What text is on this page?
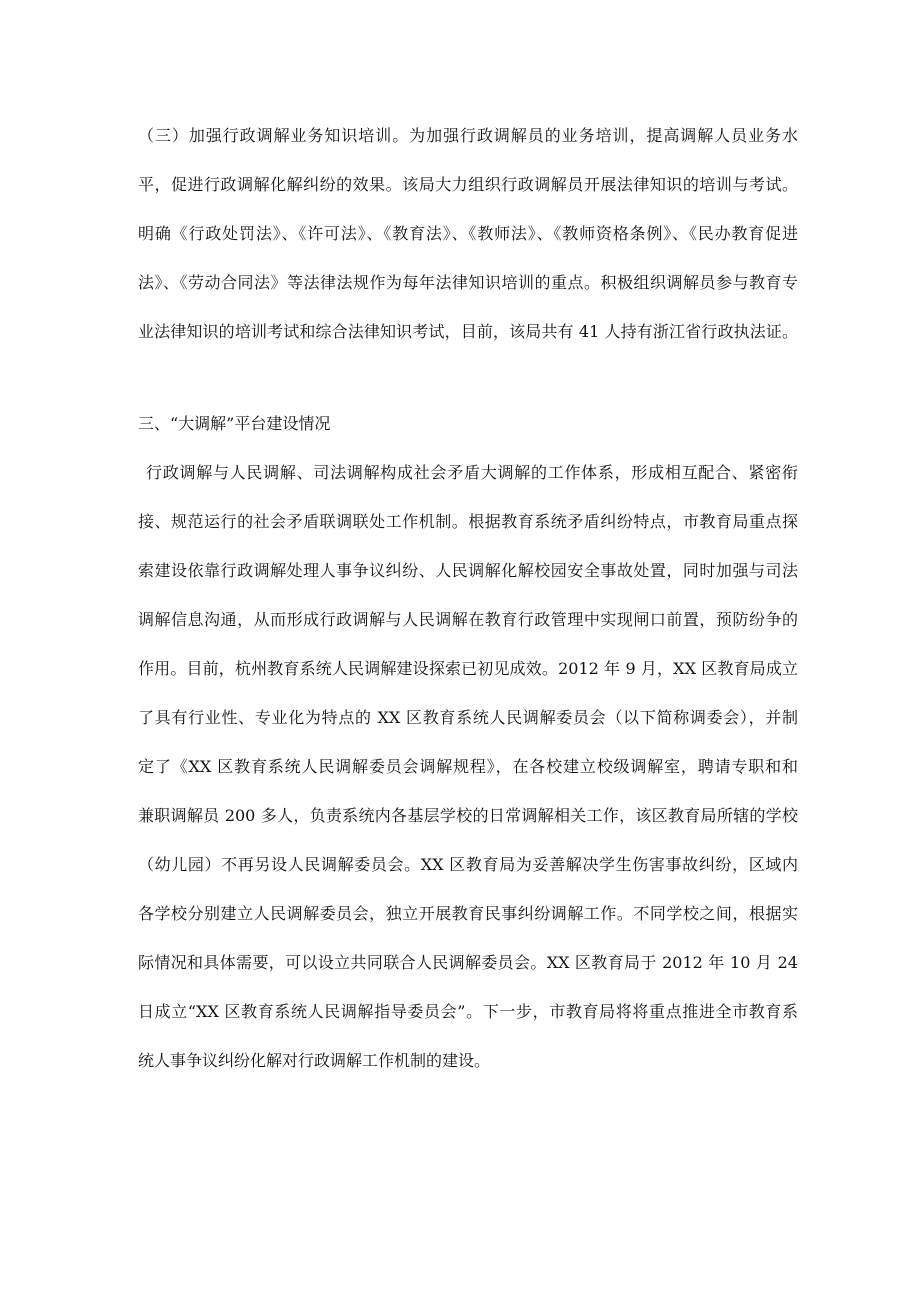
（三）加强行政调解业务知识培训。为加强行政调解员的业务培训，提高调解人员业务水
平，促进行政调解化解纠纷的效果。该局大力组织行政调解员开展法律知识的培训与考试。
明确《行政处罚法》、《许可法》、《教育法》、《教师法》、《教师资格条例》、《民办教育促进
法》、《劳动合同法》等法律法规作为每年法律知识培训的重点。积极组织调解员参与教育专
业法律知识的培训考试和综合法律知识考试，目前，该局共有 41 人持有浙江省行政执法证。
三、“大调解”平台建设情况
行政调解与人民调解、司法调解构成社会矛盾大调解的工作体系，形成相互配合、紧密衔
接、规范运行的社会矛盾联调联处工作机制。根据教育系统矛盾纠纷特点，市教育局重点探
索建设依靠行政调解处理人事争议纠纷、人民调解化解校园安全事故处置，同时加强与司法
调解信息沟通，从而形成行政调解与人民调解在教育行政管理中实现闸口前置，预防纷争的
作用。目前，杭州教育系统人民调解建设探索已初见成效。2012 年 9 月，XX 区教育局成立
了具有行业性、专业化为特点的 XX 区教育系统人民调解委员会（以下简称调委会），并制
定了《XX 区教育系统人民调解委员会调解规程》，在各校建立校级调解室，聘请专职和和
兼职调解员 200 多人，负责系统内各基层学校的日常调解相关工作，该区教育局所辖的学校
（幼儿园）不再另设人民调解委员会。XX 区教育局为妥善解决学生伤害事故纠纷，区域内
各学校分别建立人民调解委员会，独立开展教育民事纠纷调解工作。不同学校之间，根据实
际情况和具体需要，可以设立共同联合人民调解委员会。XX 区教育局于 2012 年 10 月 24
日成立“XX 区教育系统人民调解指导委员会”。下一步，市教育局将将重点推进全市教育系
统人事争议纠纷化解对行政调解工作机制的建设。
